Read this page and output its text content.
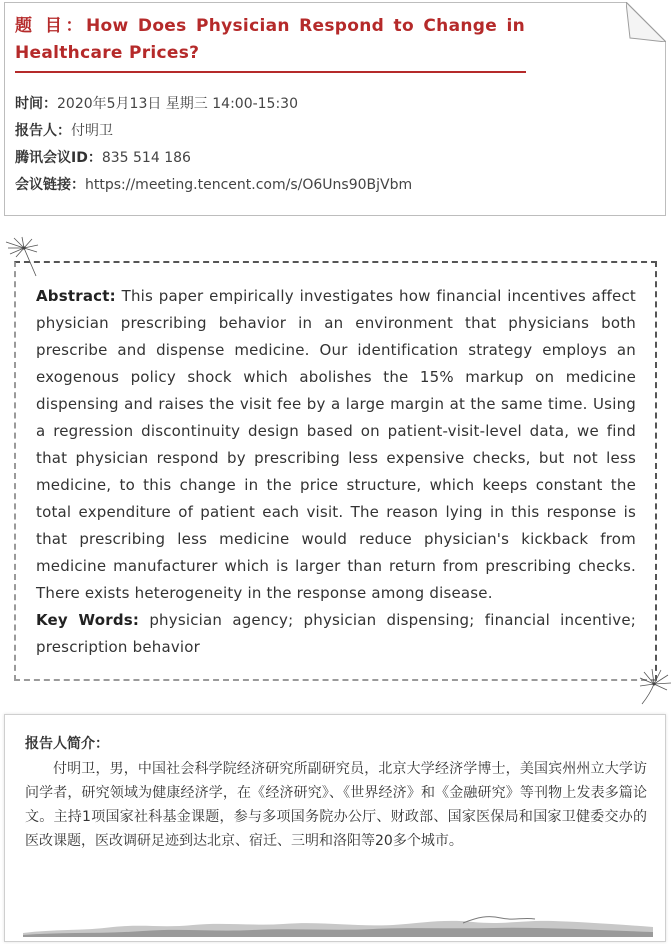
题 目：How Does Physician Respond to Change in Healthcare Prices?
时间：2020年5月13日 星期三 14:00-15:30
报告人：付明卫
腾讯会议ID：835 514 186
会议链接：https://meeting.tencent.com/s/O6Uns90BjVbm

Abstract: This paper empirically investigates how financial incentives affect physician prescribing behavior in an environment that physicians both prescribe and dispense medicine. Our identification strategy employs an exogenous policy shock which abolishes the 15% markup on medicine dispensing and raises the visit fee by a large margin at the same time. Using a regression discontinuity design based on patient-visit-level data, we find that physician respond by prescribing less expensive checks, but not less medicine, to this change in the price structure, which keeps constant the total expenditure of patient each visit. The reason lying in this response is that prescribing less medicine would reduce physician's kickback from medicine manufacturer which is larger than return from prescribing checks. There exists heterogeneity in the response among disease.

Key Words: physician agency; physician dispensing; financial incentive; prescription behavior

报告人简介：

付明卫，男，中国社会科学院经济研究所副研究员，北京大学经济学博士，美国宾州州立大学访问学者，研究领域为健康经济学，在《经济研究》、《世界经济》和《金融研究》等刊物上发表多篇论文。主持1项国家社科基金课题，参与多项国务院办公厅、财政部、国家医保局和国家卫健委交办的医改课题，医改调研足迹到达北京、宿迁、三明和洛阳等20多个城市。
